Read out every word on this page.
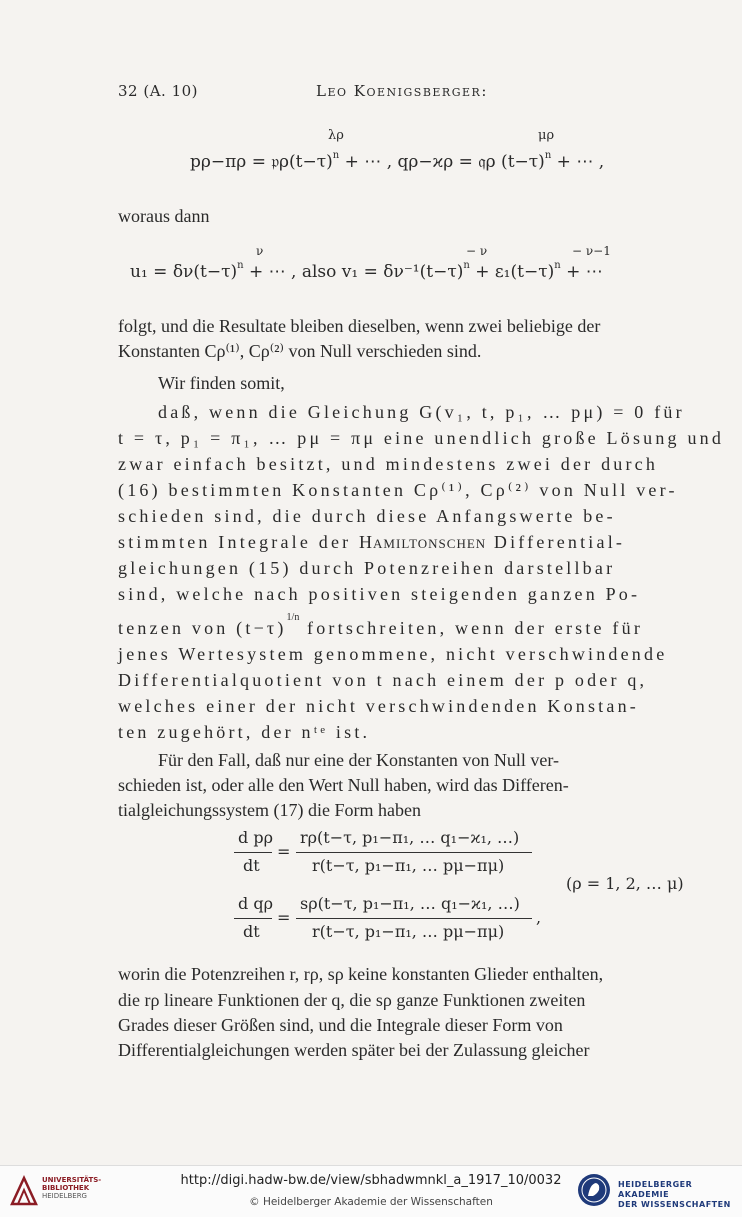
32 (A. 10)	Leo Koenigsberger:
$p\rho-\pi\rho = 𝔭\rho(t-\tau)^n$ + ⋯ , qρ−ϰρ = 𝔮ρ $(t-\tau)^n$ + ⋯ ,
λρ	μρ
woraus dann
$u_1 = \delta\nu(t-\tau)^n$ + ⋯ , also $v_1 = \delta\nu^{-1}(t-\tau)^n + \varepsilon_1(t-\tau)^n$ + ⋯
ν	− ν	− ν−1
folgt, und die Resultate bleiben dieselben, wenn zwei beliebige der
Konstanten Cρ⁽¹⁾, Cρ⁽²⁾ von Null verschieden sind.
Wir finden somit,
daß, wenn die Gleichung G(v₁, t, p₁, … pμ) = 0 für
t = τ, p₁ = π₁, … pμ = πμ eine unendlich große Lösung und
zwar einfach besitzt, und mindestens zwei der durch
(16) bestimmten Konstanten Cρ⁽¹⁾, Cρ⁽²⁾ von Null ver-
schieden sind, die durch diese Anfangswerte be-
stimmten Integrale der Hamiltonschen Differential-
gleichungen (15) durch Potenzreihen darstellbar
sind, welche nach positiven steigenden ganzen Po-
tenzen von $(t-\tau)^{1/n}$ fortschreiten, wenn der erste für
jenes Wertesystem genommene, nicht verschwindende
Differentialquotient von t nach einem der p oder q,
welches einer der nicht verschwindenden Konstan-
ten zugehört, der nᵗᵉ ist.
Für den Fall, daß nur eine der Konstanten von Null ver-
schieden ist, oder alle den Wert Null haben, wird das Differen-
tialgleichungssystem (17) die Form haben
d pρ
dt
=
rρ(t−τ, p₁−π₁, … q₁−ϰ₁, …)
r(t−τ, p₁−π₁, … pμ−πμ)
(ρ = 1, 2, … μ)
d qρ
dt
=
sρ(t−τ, p₁−π₁, … q₁−ϰ₁, …)
r(t−τ, p₁−π₁, … pμ−πμ)
,
worin die Potenzreihen r, rρ, sρ keine konstanten Glieder enthalten,
die rρ lineare Funktionen der q, die sρ ganze Funktionen zweiten
Grades dieser Größen sind, und die Integrale dieser Form von
Differentialgleichungen werden später bei der Zulassung gleicher
UNIVERSITÄTS-
BIBLIOTHEK
HEIDELBERG
http://digi.hadw-bw.de/view/sbhadwmnkl_a_1917_10/0032
© Heidelberger Akademie der Wissenschaften
HEIDELBERGER AKADEMIE
DER WISSENSCHAFTEN
